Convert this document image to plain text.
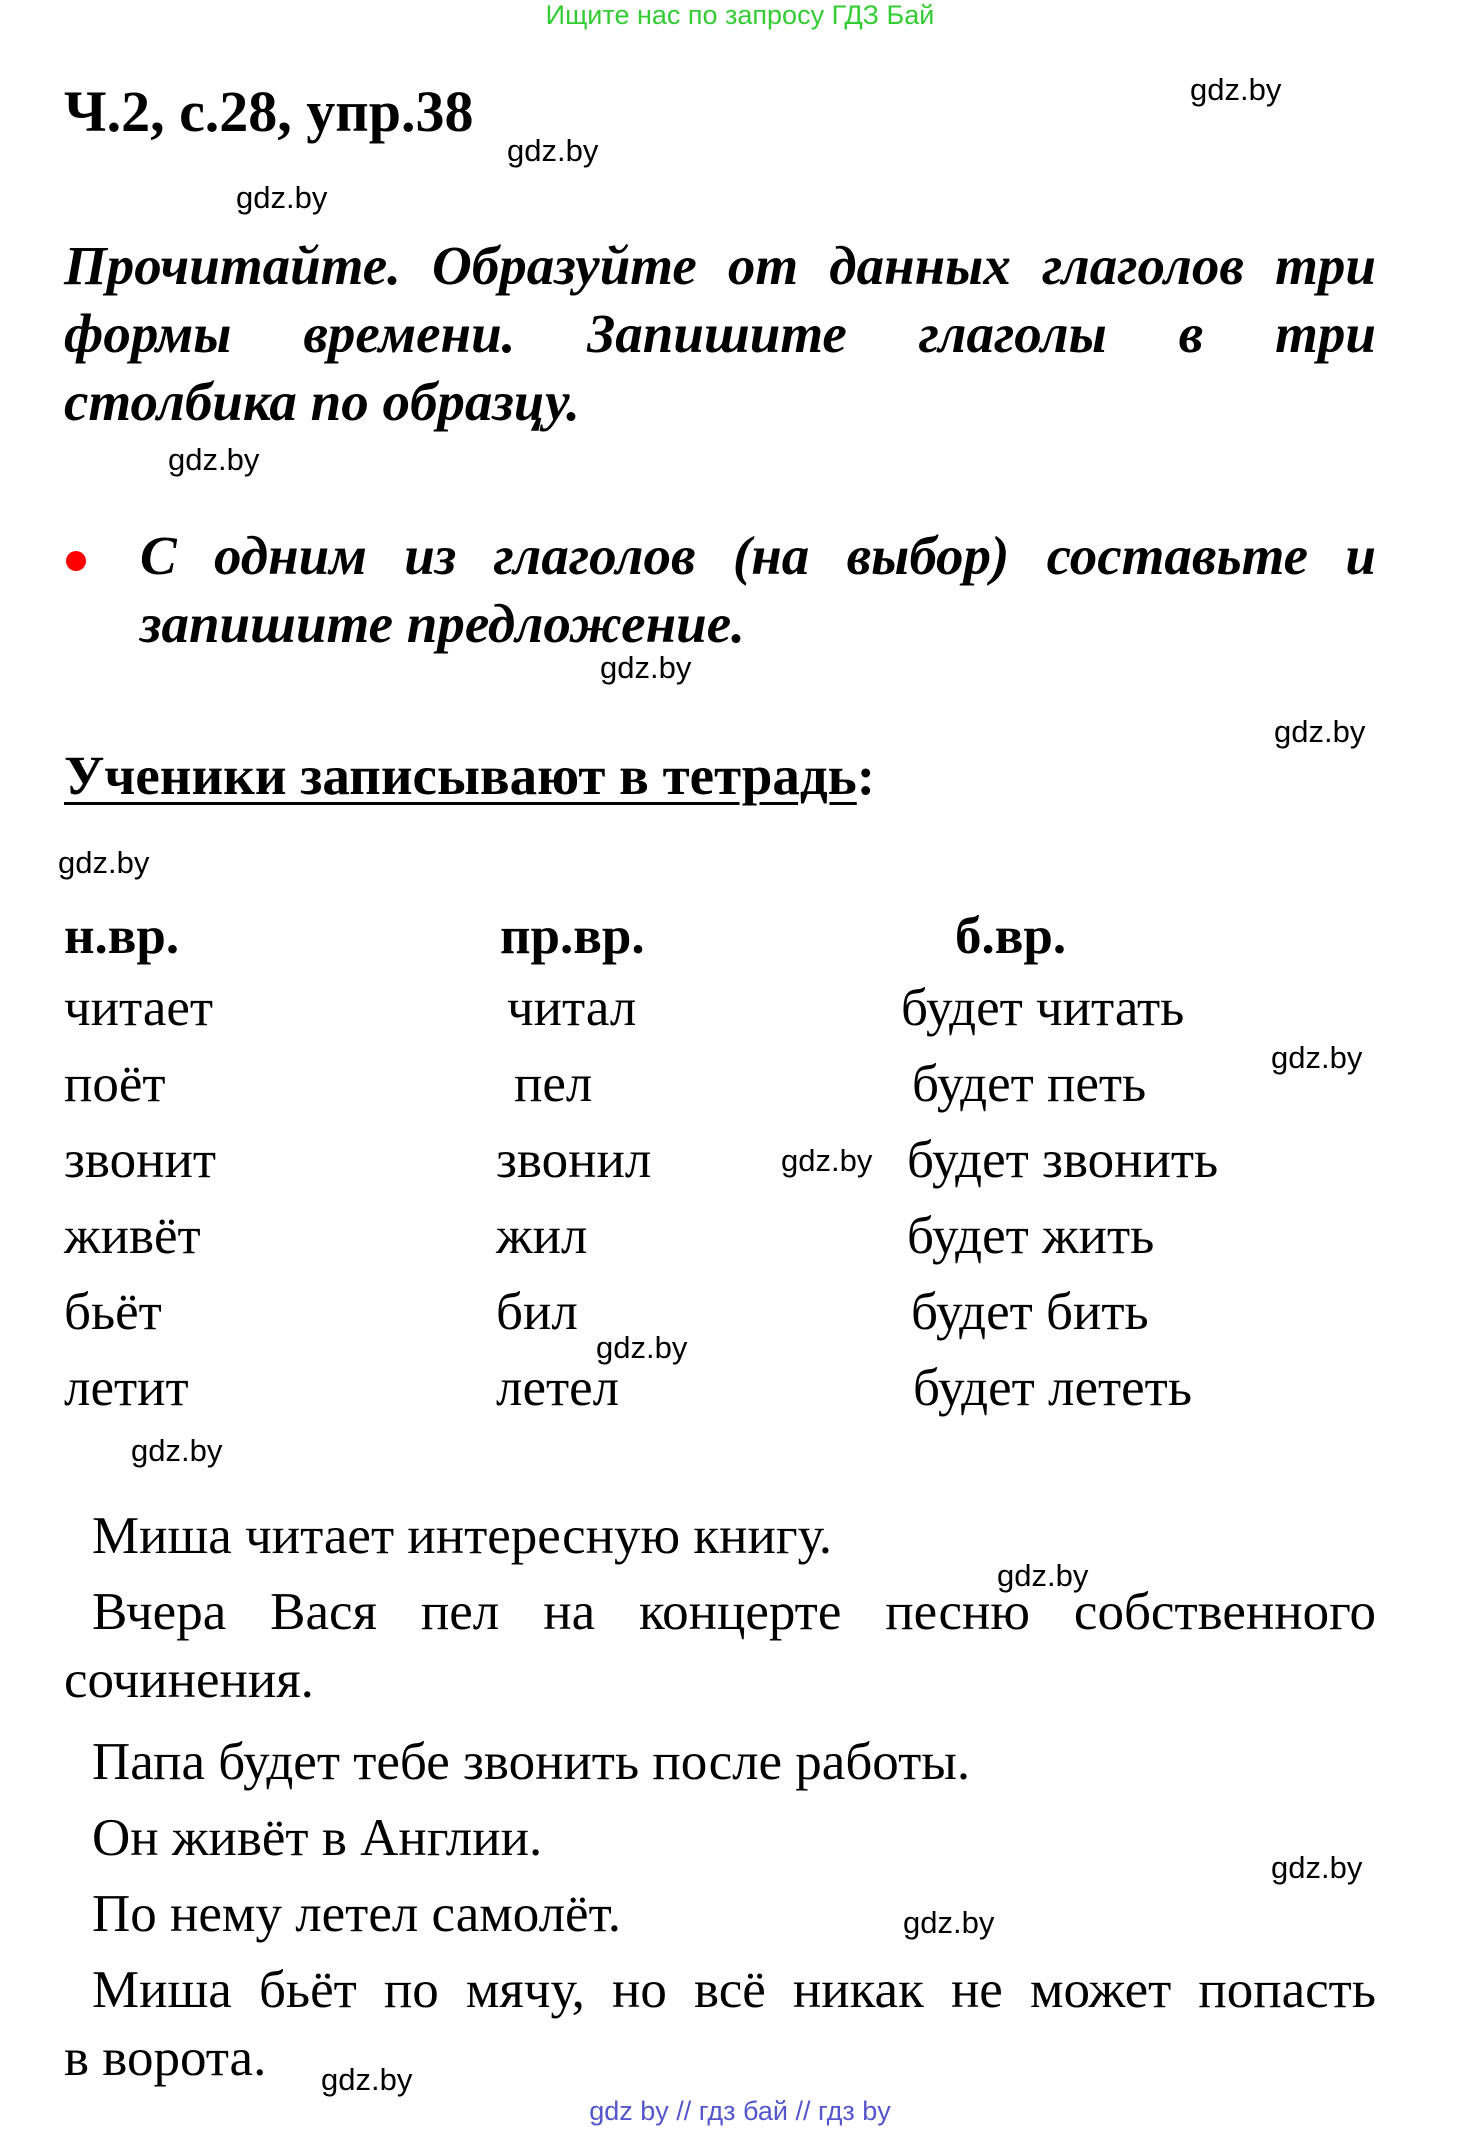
Ищите нас по запросу ГДЗ Бай
Ч.2, с.28, упр.38	gdz.by
gdz.by
gdz.by
gdz.by
gdz.by
gdz.by
gdz.by
gdz.by
gdz.by
gdz.by
gdz.by
gdz.by
gdz.by
gdz.by
gdz.by
Прочитайте. Образуйте от данных глаголов три
формы времени. Запишите глаголы в три
столбика по образцу.
С одним из глаголов (на выбор) составьте и
запишите предложение.
Ученики записывают в тетрадь:
н.вр.	пр.вр.	б.вр.
читает	читал	будет читать
поёт	пел	будет петь
звонит	звонил	будет звонить
живёт	жил	будет жить
бьёт	бил	будет бить
летит	летел	будет лететь
Миша читает интересную книгу.
Вчера Вася пел на концерте песню собственного
сочинения.
Папа будет тебе звонить после работы.
Он живёт в Англии.
По нему летел самолёт.
Миша бьёт по мячу, но всё никак не может попасть
в ворота.
gdz by // гдз бай // гдз by
